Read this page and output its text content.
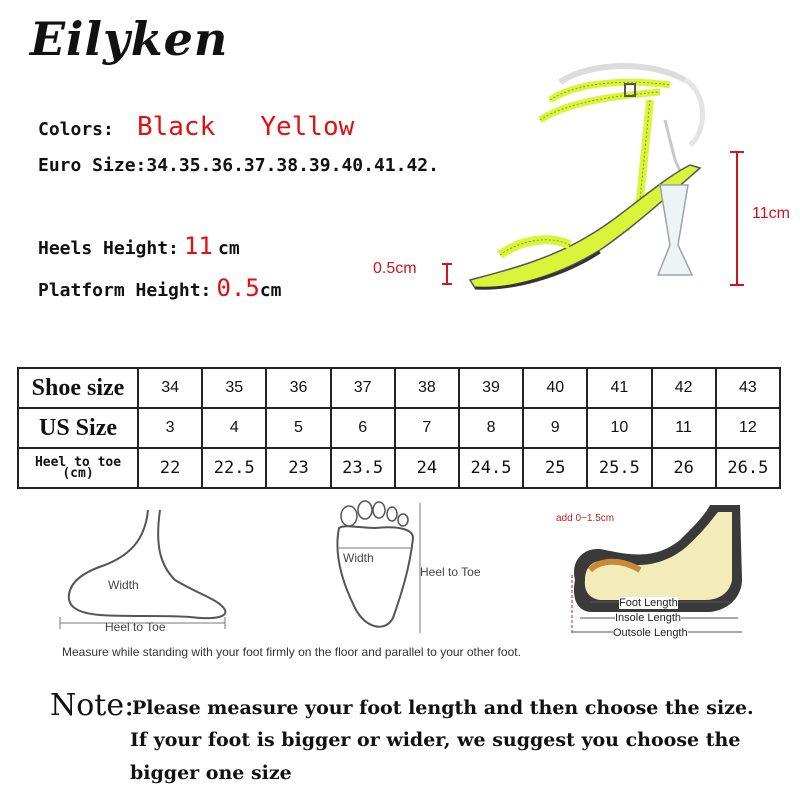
Eilyken
Colors: Black Yellow
Euro Size:34.35.36.37.38.39.40.41.42.
Heels Height: 11 cm
Platform Height: 0.5cm
11cm
0.5cm
Shoe size	34	35	36	37	38	39	40	41	42	43
US Size	3	4	5	6	7	8	9	10	11	12
Heel to toe
(cm)	22	22.5	23	23.5	24	24.5	25	25.5	26	26.5
Width
Heel to Toe
Width
Heel to Toe
add 0~1.5cm
Foot Length
Insole Length
Outsole Length
Measure while standing with your foot firmly on the floor and parallel to your other foot.
Note:
Please measure your foot length and then choose the size.
If your foot is bigger or wider, we suggest you choose the
bigger one size
